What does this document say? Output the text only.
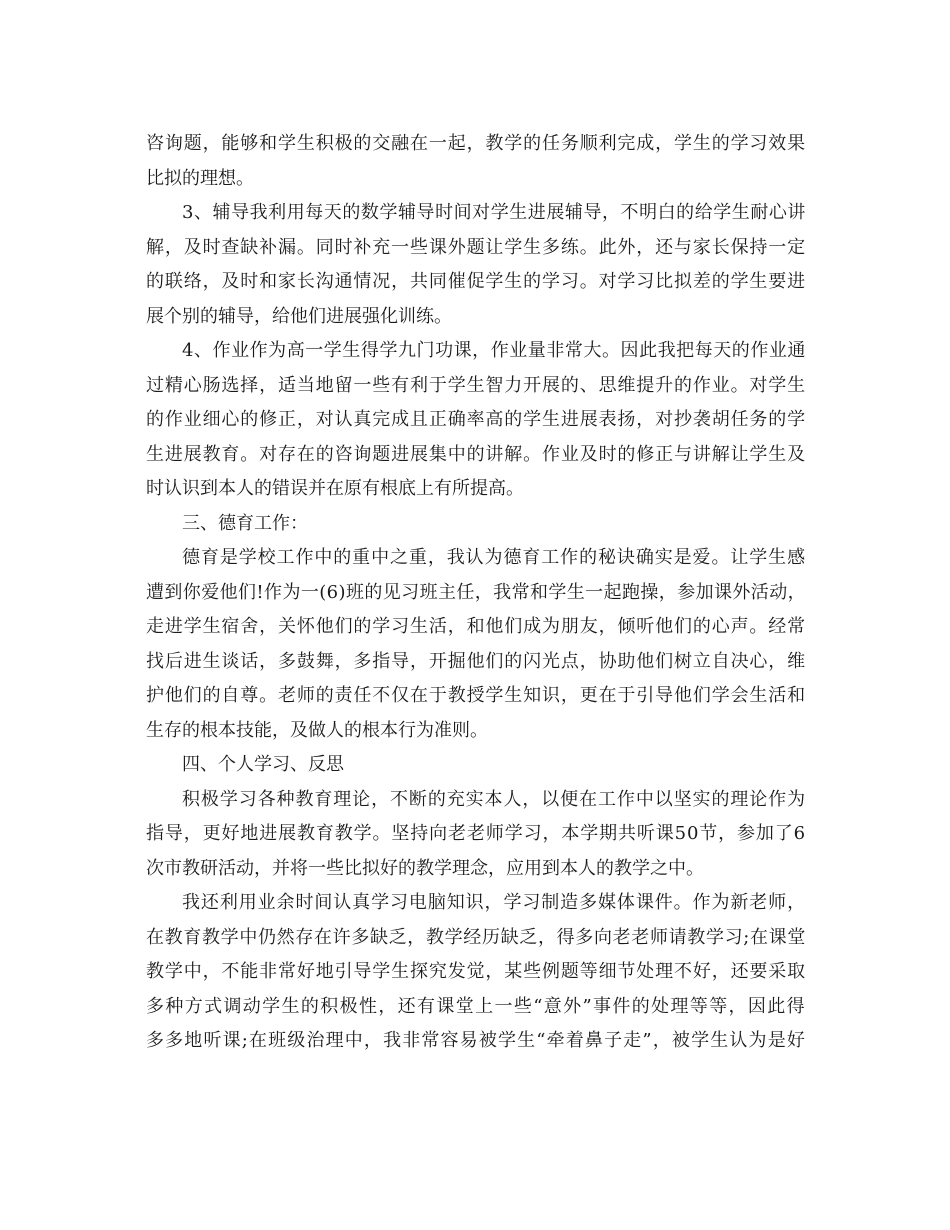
咨询题，能够和学生积极的交融在一起，教学的任务顺利完成，学生的学习效果
比拟的理想。
3、辅导我利用每天的数学辅导时间对学生进展辅导，不明白的给学生耐心讲
解，及时查缺补漏。同时补充一些课外题让学生多练。此外，还与家长保持一定
的联络，及时和家长沟通情况，共同催促学生的学习。对学习比拟差的学生要进
展个别的辅导，给他们进展强化训练。
4、作业作为高一学生得学九门功课，作业量非常大。因此我把每天的作业通
过精心肠选择，适当地留一些有利于学生智力开展的、思维提升的作业。对学生
的作业细心的修正，对认真完成且正确率高的学生进展表扬，对抄袭胡任务的学
生进展教育。对存在的咨询题进展集中的讲解。作业及时的修正与讲解让学生及
时认识到本人的错误并在原有根底上有所提高。
三、德育工作：
德育是学校工作中的重中之重，我认为德育工作的秘诀确实是爱。让学生感
遭到你爱他们!作为一(6)班的见习班主任，我常和学生一起跑操，参加课外活动，
走进学生宿舍，关怀他们的学习生活，和他们成为朋友，倾听他们的心声。经常
找后进生谈话，多鼓舞，多指导，开掘他们的闪光点，协助他们树立自决心，维
护他们的自尊。老师的责任不仅在于教授学生知识，更在于引导他们学会生活和
生存的根本技能，及做人的根本行为准则。
四、个人学习、反思
积极学习各种教育理论，不断的充实本人，以便在工作中以坚实的理论作为
指导，更好地进展教育教学。坚持向老老师学习，本学期共听课50节，参加了6
次市教研活动，并将一些比拟好的教学理念，应用到本人的教学之中。
我还利用业余时间认真学习电脑知识，学习制造多媒体课件。作为新老师，
在教育教学中仍然存在许多缺乏，教学经历缺乏，得多向老老师请教学习;在课堂
教学中，不能非常好地引导学生探究发觉，某些例题等细节处理不好，还要采取
多种方式调动学生的积极性，还有课堂上一些“意外”事件的处理等等，因此得
多多地听课;在班级治理中，我非常容易被学生“牵着鼻子走”，被学生认为是好
